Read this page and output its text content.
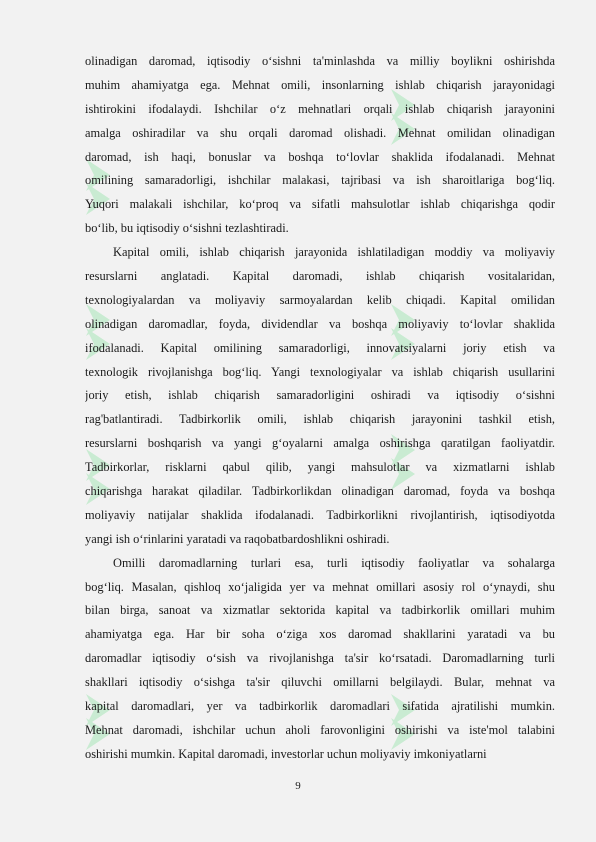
olinadigan daromad, iqtisodiy o‘sishni ta'minlashda va milliy boylikni oshirishda
muhim ahamiyatga ega. Mehnat omili, insonlarning ishlab chiqarish jarayonidagi
ishtirokini ifodalaydi. Ishchilar o‘z mehnatlari orqali ishlab chiqarish jarayonini
amalga oshiradilar va shu orqali daromad olishadi. Mehnat omilidan olinadigan
daromad, ish haqi, bonuslar va boshqa to‘lovlar shaklida ifodalanadi. Mehnat
omilining samaradorligi, ishchilar malakasi, tajribasi va ish sharoitlariga bog‘liq.
Yuqori malakali ishchilar, ko‘proq va sifatli mahsulotlar ishlab chiqarishga qodir
bo‘lib, bu iqtisodiy o‘sishni tezlashtiradi.
Kapital omili, ishlab chiqarish jarayonida ishlatiladigan moddiy va moliyaviy
resurslarni anglatadi. Kapital daromadi, ishlab chiqarish vositalaridan,
texnologiyalardan va moliyaviy sarmoyalardan kelib chiqadi. Kapital omilidan
olinadigan daromadlar, foyda, dividendlar va boshqa moliyaviy to‘lovlar shaklida
ifodalanadi. Kapital omilining samaradorligi, innovatsiyalarni joriy etish va
texnologik rivojlanishga bog‘liq. Yangi texnologiyalar va ishlab chiqarish usullarini
joriy etish, ishlab chiqarish samaradorligini oshiradi va iqtisodiy o‘sishni
rag'batlantiradi. Tadbirkorlik omili, ishlab chiqarish jarayonini tashkil etish,
resurslarni boshqarish va yangi g‘oyalarni amalga oshirishga qaratilgan faoliyatdir.
Tadbirkorlar, risklarni qabul qilib, yangi mahsulotlar va xizmatlarni ishlab
chiqarishga harakat qiladilar. Tadbirkorlikdan olinadigan daromad, foyda va boshqa
moliyaviy natijalar shaklida ifodalanadi. Tadbirkorlikni rivojlantirish, iqtisodiyotda
yangi ish o‘rinlarini yaratadi va raqobatbardoshlikni oshiradi.
Omilli daromadlarning turlari esa, turli iqtisodiy faoliyatlar va sohalarga
bog‘liq. Masalan, qishloq xo‘jaligida yer va mehnat omillari asosiy rol o‘ynaydi, shu
bilan birga, sanoat va xizmatlar sektorida kapital va tadbirkorlik omillari muhim
ahamiyatga ega. Har bir soha o‘ziga xos daromad shakllarini yaratadi va bu
daromadlar iqtisodiy o‘sish va rivojlanishga ta'sir ko‘rsatadi. Daromadlarning turli
shakllari iqtisodiy o‘sishga ta'sir qiluvchi omillarni belgilaydi. Bular, mehnat va
kapital daromadlari, yer va tadbirkorlik daromadlari sifatida ajratilishi mumkin.
Mehnat daromadi, ishchilar uchun aholi farovonligini oshirishi va iste'mol talabini
oshirishi mumkin. Kapital daromadi, investorlar uchun moliyaviy imkoniyatlarni
9
